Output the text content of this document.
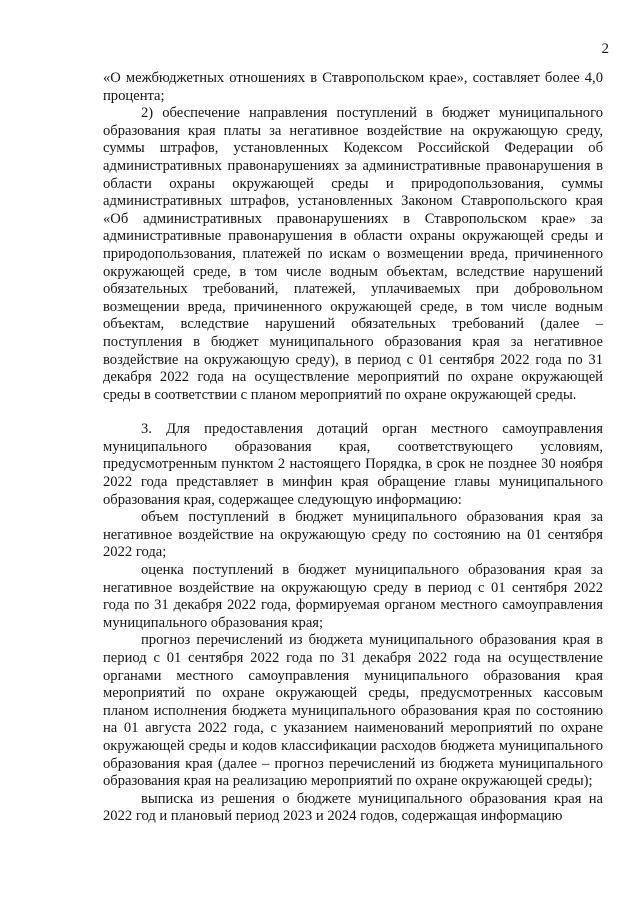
2

«О межбюджетных отношениях в Ставропольском крае», составляет более 4,0 процента;

2) обеспечение направления поступлений в бюджет муниципального образования края платы за негативное воздействие на окружающую среду, суммы штрафов, установленных Кодексом Российской Федерации об административных правонарушениях за административные правонарушения в области охраны окружающей среды и природопользования, суммы административных штрафов, установленных Законом Ставропольского края «Об административных правонарушениях в Ставропольском крае» за административные правонарушения в области охраны окружающей среды и природопользования, платежей по искам о возмещении вреда, причиненного окружающей среде, в том числе водным объектам, вследствие нарушений обязательных требований, платежей, уплачиваемых при добровольном возмещении вреда, причиненного окружающей среде, в том числе водным объектам, вследствие нарушений обязательных требований (далее – поступления в бюджет муниципального образования края за негативное воздействие на окружающую среду), в период с 01 сентября 2022 года по 31 декабря 2022 года на осуществление мероприятий по охране окружающей среды в соответствии с планом мероприятий по охране окружающей среды.

3. Для предоставления дотаций орган местного самоуправления муниципального образования края, соответствующего условиям, предусмотренным пунктом 2 настоящего Порядка, в срок не позднее 30 ноября 2022 года представляет в минфин края обращение главы муниципального образования края, содержащее следующую информацию:

объем поступлений в бюджет муниципального образования края за негативное воздействие на окружающую среду по состоянию на 01 сентября 2022 года;

оценка поступлений в бюджет муниципального образования края за негативное воздействие на окружающую среду в период с 01 сентября 2022 года по 31 декабря 2022 года, формируемая органом местного самоуправления муниципального образования края;

прогноз перечислений из бюджета муниципального образования края в период с 01 сентября 2022 года по 31 декабря 2022 года на осуществление органами местного самоуправления муниципального образования края мероприятий по охране окружающей среды, предусмотренных кассовым планом исполнения бюджета муниципального образования края по состоянию на 01 августа 2022 года, с указанием наименований мероприятий по охране окружающей среды и кодов классификации расходов бюджета муниципального образования края (далее – прогноз перечислений из бюджета муниципального образования края на реализацию мероприятий по охране окружающей среды);

выписка из решения о бюджете муниципального образования края на 2022 год и плановый период 2023 и 2024 годов, содержащая информацию
